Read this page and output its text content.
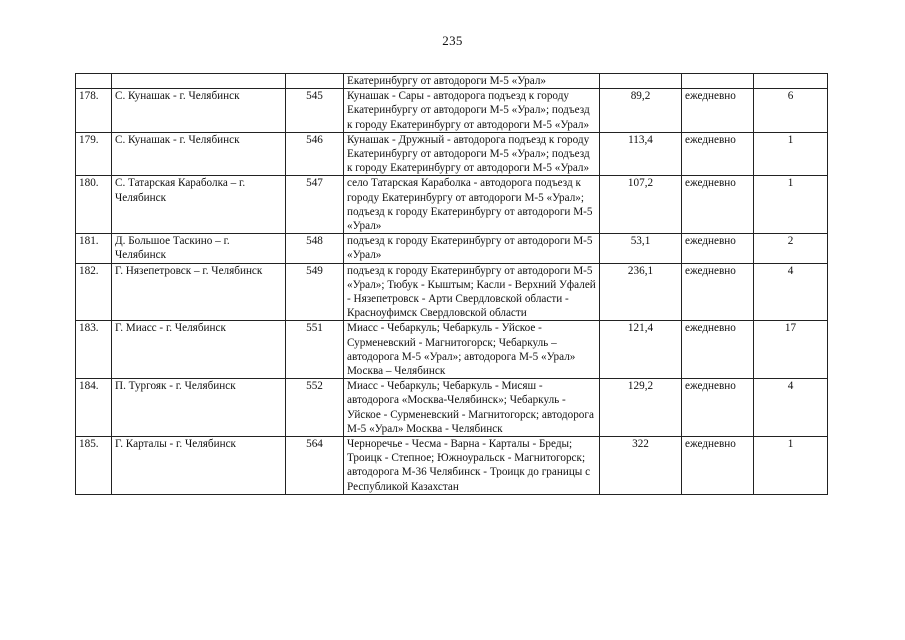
235
			Екатеринбургу от автодороги М-5 «Урал»			
178.	С. Кунашак - г. Челябинск	545	Кунашак - Сары - автодорога подъезд к городу Екатеринбургу от автодороги М-5 «Урал»; подъезд к городу Екатеринбургу от автодороги М-5 «Урал»	89,2	ежедневно	6
179.	С. Кунашак - г. Челябинск	546	Кунашак - Дружный - автодорога подъезд к городу Екатеринбургу от автодороги М-5 «Урал»; подъезд к городу Екатеринбургу от автодороги М-5 «Урал»	113,4	ежедневно	1
180.	С. Татарская Караболка – г. Челябинск	547	село Татарская Караболка - автодорога подъезд к городу Екатеринбургу от автодороги М-5 «Урал»; подъезд к городу Екатеринбургу от автодороги М-5 «Урал»	107,2	ежедневно	1
181.	Д. Большое Таскино – г. Челябинск	548	подъезд к городу Екатеринбургу от автодороги М-5 «Урал»	53,1	ежедневно	2
182.	Г. Нязепетровск – г. Челябинск	549	подъезд к городу Екатеринбургу от автодороги М-5 «Урал»; Тюбук - Кыштым; Касли - Верхний Уфалей - Нязепетровск - Арти Свердловской области - Красноуфимск Свердловской области	236,1	ежедневно	4
183.	Г. Миасс - г. Челябинск	551	Миасс - Чебаркуль; Чебаркуль - Уйское - Сурменевский - Магнитогорск; Чебаркуль – автодорога М-5 «Урал»; автодорога М-5 «Урал» Москва – Челябинск	121,4	ежедневно	17
184.	П. Тургояк - г. Челябинск	552	Миасс - Чебаркуль; Чебаркуль - Мисяш - автодорога «Москва-Челябинск»; Чебаркуль - Уйское - Сурменевский - Магнитогорск; автодорога М-5 «Урал» Москва - Челябинск	129,2	ежедневно	4
185.	Г. Карталы - г. Челябинск	564	Черноречье - Чесма - Варна - Карталы - Бреды; Троицк - Степное; Южноуральск - Магнитогорск; автодорога М-36 Челябинск - Троицк до границы с Республикой Казахстан	322	ежедневно	1
